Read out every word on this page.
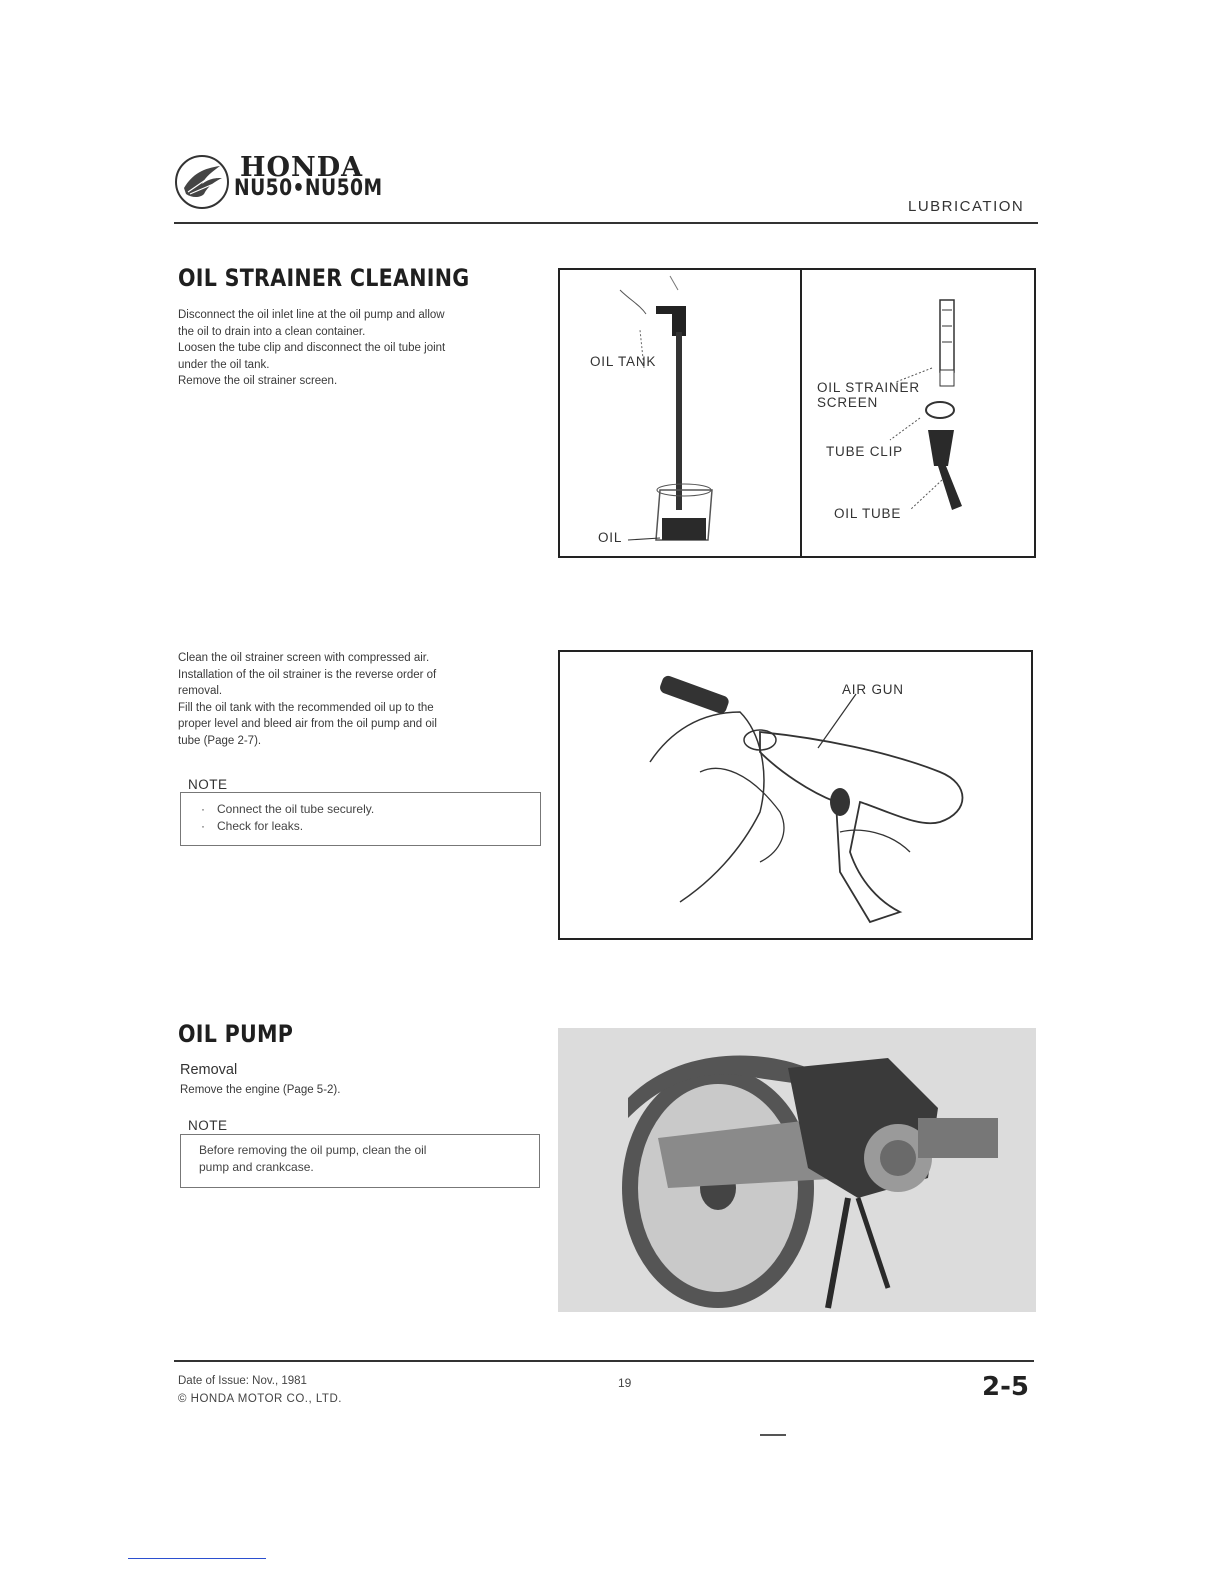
HONDA
NU50•NU50M
LUBRICATION
OIL STRAINER CLEANING
Disconnect the oil inlet line at the oil pump and allow
the oil to drain into a clean container.
Loosen the tube clip and disconnect the oil tube joint
under the oil tank.
Remove the oil strainer screen.
OIL TANK
OIL
OIL STRAINER
SCREEN
TUBE CLIP
OIL TUBE
Clean the oil strainer screen with compressed air.
Installation of the oil strainer is the reverse order of
removal.
Fill the oil tank with the recommended oil up to the
proper level and bleed air from the oil pump and oil
tube (Page 2-7).
NOTE
· Connect the oil tube securely.
· Check for leaks.
AIR GUN
OIL PUMP
Removal
Remove the engine (Page 5-2).
NOTE
Before removing the oil pump, clean the oil
pump and crankcase.
Date of Issue: Nov., 1981
© HONDA MOTOR CO., LTD.
19	2-5
